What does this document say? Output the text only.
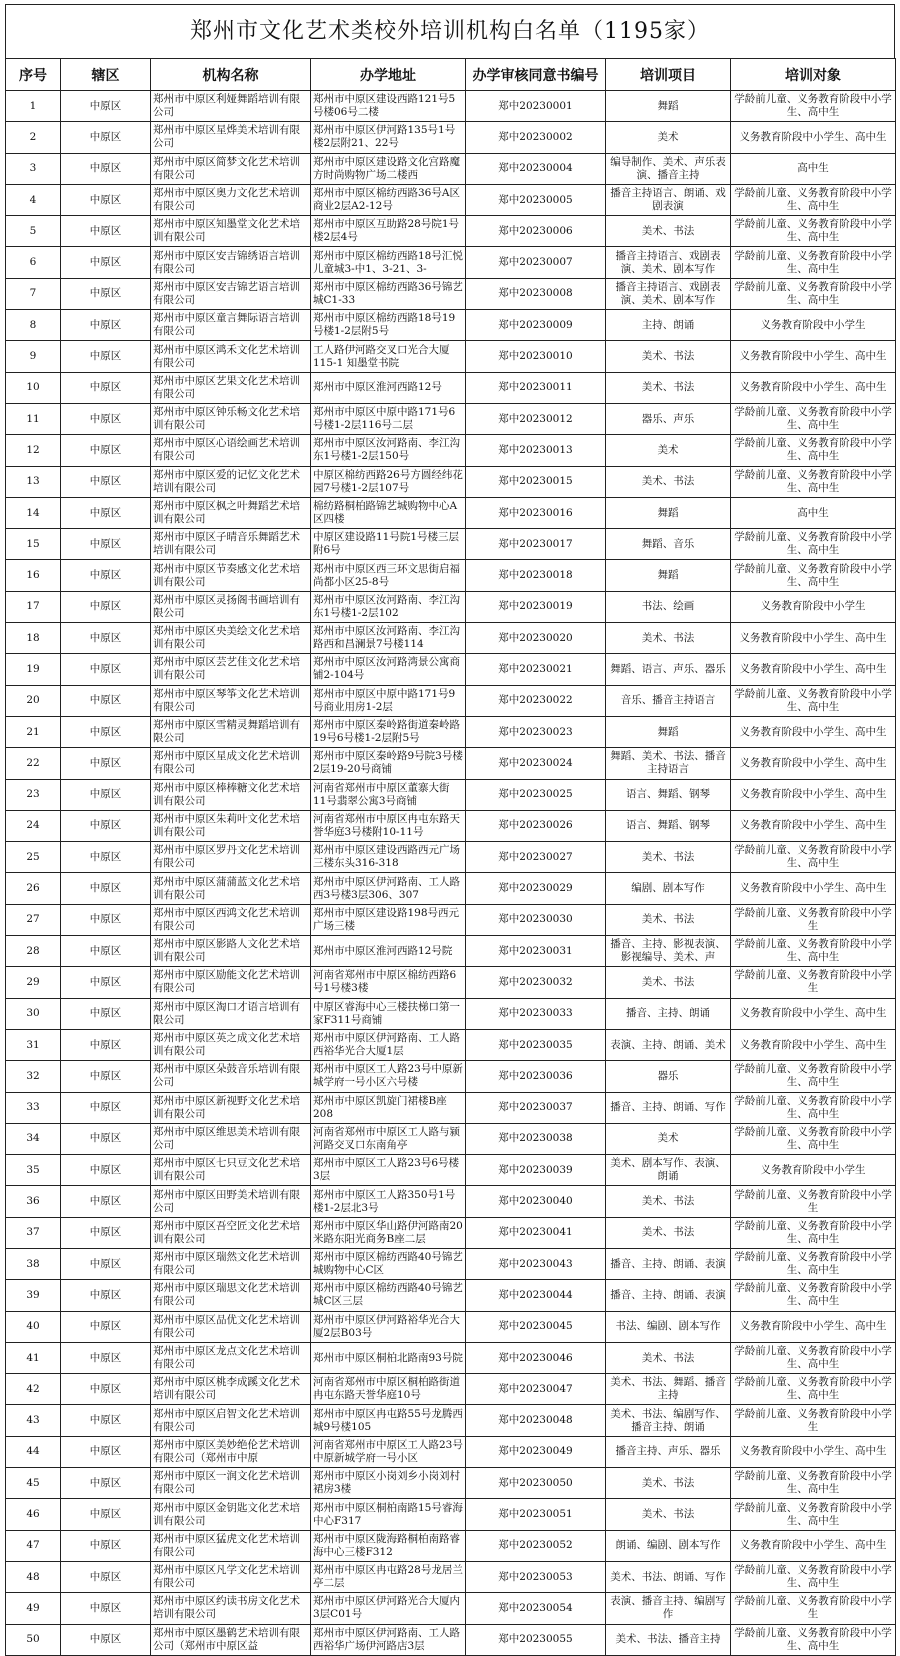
郑州市文化艺术类校外培训机构白名单（1195家）
序号	辖区	机构名称	办学地址	办学审核同意书编号	培训项目	培训对象
1	中原区	郑州市中原区利娅舞蹈培训有限公司	郑州市中原区建设西路121号5号楼06号二楼	郑中20230001	舞蹈	学龄前儿童、义务教育阶段中小学生、高中生

2	中原区	郑州市中原区星烨美术培训有限公司	郑州市中原区伊河路135号1号楼2层附21、22号	郑中20230002	美术	义务教育阶段中小学生、高中生

3	中原区	郑州市中原区简梦文化艺术培训有限公司	郑州市中原区建设路文化宫路魔方时尚购物广场二楼西	郑中20230004	编导制作、美术、声乐表演、播音主持	高中生

4	中原区	郑州市中原区奥力文化艺术培训有限公司	郑州市中原区棉纺西路36号A区商业2层A2-12号	郑中20230005	播音主持语言、朗诵、戏剧表演	学龄前儿童、义务教育阶段中小学生、高中生

5	中原区	郑州市中原区知墨堂文化艺术培训有限公司	郑州市中原区互助路28号院1号楼2层4号	郑中20230006	美术、书法	学龄前儿童、义务教育阶段中小学生、高中生

6	中原区	郑州市中原区安吉锦绣语言培训有限公司	郑州市中原区棉纺西路18号汇悦儿童城3-中1、3-21、3-	郑中20230007	播音主持语言、戏剧表演、美术、剧本写作	学龄前儿童、义务教育阶段中小学生、高中生

7	中原区	郑州市中原区安吉锦艺语言培训有限公司	郑州市中原区棉纺西路36号锦艺城C1-33	郑中20230008	播音主持语言、戏剧表演、美术、剧本写作	学龄前儿童、义务教育阶段中小学生、高中生

8	中原区	郑州市中原区童言舞际语言培训有限公司	郑州市中原区棉纺西路18号19号楼1-2层附5号	郑中20230009	主持、朗诵	义务教育阶段中小学生

9	中原区	郑州市中原区鸿禾文化艺术培训有限公司	工人路伊河路交叉口光合大厦115-1 知墨堂书院	郑中20230010	美术、书法	义务教育阶段中小学生、高中生

10	中原区	郑州市中原区艺果文化艺术培训有限公司	郑州市中原区淮河西路12号	郑中20230011	美术、书法	义务教育阶段中小学生、高中生

11	中原区	郑州市中原区钟乐畅文化艺术培训有限公司	郑州市中原区中原中路171号6号楼1-2层116号二层	郑中20230012	器乐、声乐	学龄前儿童、义务教育阶段中小学生、高中生

12	中原区	郑州市中原区心语绘画艺术培训有限公司	郑州市中原区汝河路南、李江沟东1号楼1-2层150号	郑中20230013	美术	学龄前儿童、义务教育阶段中小学生、高中生

13	中原区	郑州市中原区爱的记忆文化艺术培训有限公司	中原区棉纺西路26号方圆经纬花园7号楼1-2层107号	郑中20230015	美术、书法	学龄前儿童、义务教育阶段中小学生、高中生

14	中原区	郑州市中原区枫之叶舞蹈艺术培训有限公司	棉纺路桐柏路锦艺城购物中心A区四楼	郑中20230016	舞蹈	高中生

15	中原区	郑州市中原区子晴音乐舞蹈艺术培训有限公司	中原区建设路11号院1号楼三层附6号	郑中20230017	舞蹈、音乐	学龄前儿童、义务教育阶段中小学生、高中生

16	中原区	郑州市中原区节奏感文化艺术培训有限公司	郑州市中原区西三环文思街启福尚都小区25-8号	郑中20230018	舞蹈	学龄前儿童、义务教育阶段中小学生、高中生

17	中原区	郑州市中原区灵扬阁书画培训有限公司	郑州市中原区汝河路南、李江沟东1号楼1-2层102	郑中20230019	书法、绘画	义务教育阶段中小学生

18	中原区	郑州市中原区央美绘文化艺术培训有限公司	郑州市中原区汝河路南、李江沟路西和昌澜景7号楼114	郑中20230020	美术、书法	义务教育阶段中小学生、高中生

19	中原区	郑州市中原区芸艺佳文化艺术培训有限公司	郑州市中原区汝河路湾景公寓商铺2-104号	郑中20230021	舞蹈、语言、声乐、器乐	义务教育阶段中小学生、高中生

20	中原区	郑州市中原区琴筝文化艺术培训有限公司	郑州市中原区中原中路171号9号商业用房1-2层	郑中20230022	音乐、播音主持语言	学龄前儿童、义务教育阶段中小学生、高中生

21	中原区	郑州市中原区雪精灵舞蹈培训有限公司	郑州市中原区秦岭路街道秦岭路19号6号楼1-2层附5号	郑中20230023	舞蹈	义务教育阶段中小学生、高中生

22	中原区	郑州市中原区星成文化艺术培训有限公司	郑州市中原区秦岭路9号院3号楼2层19-20号商铺	郑中20230024	舞蹈、美术、书法、播音主持语言	义务教育阶段中小学生、高中生

23	中原区	郑州市中原区棒棒糖文化艺术培训有限公司	河南省郑州市中原区董寨大街 11号翡翠公寓3号商铺	郑中20230025	语言、舞蹈、钢琴	义务教育阶段中小学生、高中生

24	中原区	郑州市中原区朱莉叶文化艺术培训有限公司	河南省郑州市中原区冉屯东路天誉华庭3号楼附10-11号	郑中20230026	语言、舞蹈、钢琴	义务教育阶段中小学生、高中生

25	中原区	郑州市中原区罗丹文化艺术培训有限公司	郑州市中原区建设西路西元广场三楼东头316-318	郑中20230027	美术、书法	学龄前儿童、义务教育阶段中小学生、高中生

26	中原区	郑州市中原区蒲蒲蓝文化艺术培训有限公司	郑州市中原区伊河路南、工人路西3号楼3层306、307	郑中20230029	编剧、剧本写作	义务教育阶段中小学生、高中生

27	中原区	郑州市中原区西鸿文化艺术培训有限公司	郑州市中原区建设路198号西元广场三楼	郑中20230030	美术、书法	学龄前儿童、义务教育阶段中小学生

28	中原区	郑州市中原区影路人文化艺术培训有限公司	郑州市中原区淮河西路12号院	郑中20230031	播音、主持、影视表演、影视编导、美术、声	学龄前儿童、义务教育阶段中小学生、高中生

29	中原区	郑州市中原区励能文化艺术培训有限公司	河南省郑州市中原区棉纺西路6号1号楼3楼	郑中20230032	美术、书法	学龄前儿童、义务教育阶段中小学生

30	中原区	郑州市中原区淘口才语言培训有限公司	中原区睿海中心三楼扶梯口第一家F311号商铺	郑中20230033	播音、主持、朗诵	义务教育阶段中小学生、高中生

31	中原区	郑州市中原区英之成文化艺术培训有限公司	郑州市中原区伊河路南、工人路西裕华光合大厦1层	郑中20230035	表演、主持、朗诵、美术	义务教育阶段中小学生、高中生

32	中原区	郑州市中原区朵鼓音乐培训有限公司	郑州市中原区工人路23号中原新城学府一号小区六号楼	郑中20230036	器乐	学龄前儿童、义务教育阶段中小学生、高中生

33	中原区	郑州市中原区新视野文化艺术培训有限公司	郑州市中原区凯旋门裙楼B座208	郑中20230037	播音、主持、朗诵、写作	学龄前儿童、义务教育阶段中小学生、高中生

34	中原区	郑州市中原区维思美术培训有限公司	河南省郑州市中原区工人路与颍河路交叉口东南角亭	郑中20230038	美术	学龄前儿童、义务教育阶段中小学生、高中生

35	中原区	郑州市中原区七只豆文化艺术培训有限公司	郑州市中原区工人路23号6号楼3层	郑中20230039	美术、剧本写作、表演、朗诵	义务教育阶段中小学生

36	中原区	郑州市中原区田野美术培训有限公司	郑州市中原区工人路350号1号楼1-2层北3号	郑中20230040	美术、书法	学龄前儿童、义务教育阶段中小学生

37	中原区	郑州市中原区吾空匠文化艺术培训有限公司	郑州市中原区华山路伊河路南20米路东阳光商务B座二层	郑中20230041	美术、书法	学龄前儿童、义务教育阶段中小学生、高中生

38	中原区	郑州市中原区瑞然文化艺术培训有限公司	郑州市中原区棉纺西路40号锦艺城购物中心C区	郑中20230043	播音、主持、朗诵、表演	学龄前儿童、义务教育阶段中小学生、高中生

39	中原区	郑州市中原区瑞思文化艺术培训有限公司	郑州市中原区棉纺西路40号锦艺城C区三层	郑中20230044	播音、主持、朗诵、表演	学龄前儿童、义务教育阶段中小学生、高中生

40	中原区	郑州市中原区品优文化艺术培训有限公司	郑州市中原区伊河路裕华光合大厦2层B03号	郑中20230045	书法、编剧、剧本写作	义务教育阶段中小学生、高中生

41	中原区	郑州市中原区龙点文化艺术培训有限公司	郑州市中原区桐柏北路南93号院	郑中20230046	美术、书法	学龄前儿童、义务教育阶段中小学生、高中生

42	中原区	郑州市中原区桃李成蹊文化艺术培训有限公司	河南省郑州市中原区桐柏路街道冉屯东路天誉华庭10号	郑中20230047	美术、书法、舞蹈、播音主持	学龄前儿童、义务教育阶段中小学生、高中生

43	中原区	郑州市中原区启智文化艺术培训有限公司	郑州市中原区冉屯路55号龙腾西城9号楼105	郑中20230048	美术、书法、编剧写作、播音主持、朗诵	学龄前儿童、义务教育阶段中小学生

44	中原区	郑州市中原区美妙绝伦艺术培训有限公司（郑州市中原	河南省郑州市中原区工人路23号中原新城学府一号小区	郑中20230049	播音主持、声乐、器乐	义务教育阶段中小学生、高中生

45	中原区	郑州市中原区一润文化艺术培训有限公司	郑州市中原区小岗刘乡小岗刘村裙房3楼	郑中20230050	美术、书法	学龄前儿童、义务教育阶段中小学生、高中生

46	中原区	郑州市中原区金钥匙文化艺术培训有限公司	郑州市中原区桐柏南路15号睿海中心F317	郑中20230051	美术、书法	学龄前儿童、义务教育阶段中小学生、高中生

47	中原区	郑州市中原区猛虎文化艺术培训有限公司	郑州市中原区陇海路桐柏南路睿海中心三楼F312	郑中20230052	朗诵、编剧、剧本写作	义务教育阶段中小学生、高中生

48	中原区	郑州市中原区凡学文化艺术培训有限公司	郑州市中原区冉屯路28号龙居兰亭二层	郑中20230053	美术、书法、朗诵、写作	学龄前儿童、义务教育阶段中小学生、高中生

49	中原区	郑州市中原区约读书房文化艺术培训有限公司	郑州市中原区伊河路光合大厦内3层C01号	郑中20230054	表演、播音主持、编剧写作	学龄前儿童、义务教育阶段中小学生

50	中原区	郑州市中原区墨鹤艺术培训有限公司（郑州市中原区益	郑州市中原区伊河路南、工人路西裕华广场伊河路店3层	郑中20230055	美术、书法、播音主持	学龄前儿童、义务教育阶段中小学生、高中生
